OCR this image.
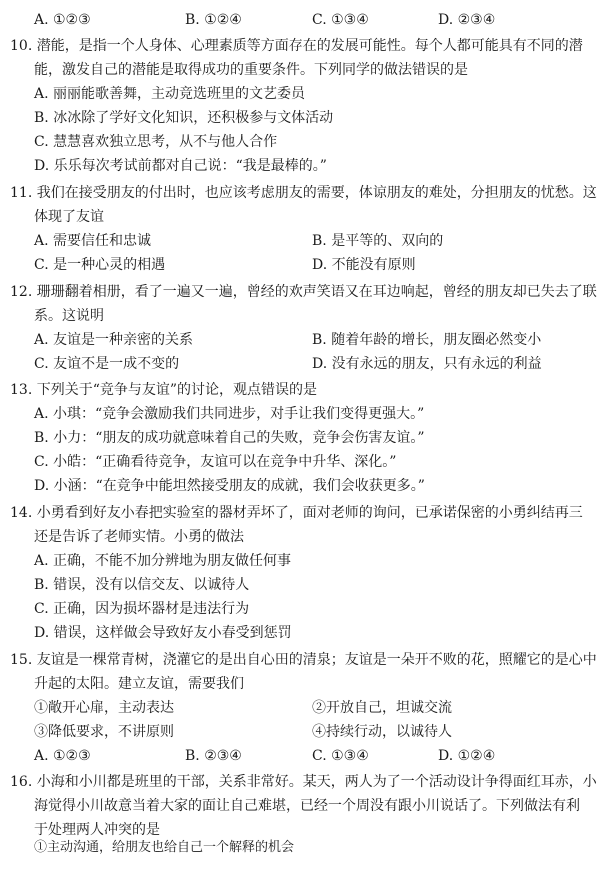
A. ①②③	B. ①②④	C. ①③④	D. ②③④
10. 潜能，是指一个人身体、心理素质等方面存在的发展可能性。每个人都可能具有不同的潜
能，激发自己的潜能是取得成功的重要条件。下列同学的做法错误的是
A. 丽丽能歌善舞，主动竞选班里的文艺委员
B. 冰冰除了学好文化知识，还积极参与文体活动
C. 慧慧喜欢独立思考，从不与他人合作
D. 乐乐每次考试前都对自己说：“我是最棒的。”
11. 我们在接受朋友的付出时，也应该考虑朋友的需要，体谅朋友的难处，分担朋友的忧愁。这
体现了友谊
A. 需要信任和忠诚	B. 是平等的、双向的
C. 是一种心灵的相遇	D. 不能没有原则
12. 珊珊翻着相册，看了一遍又一遍，曾经的欢声笑语又在耳边响起，曾经的朋友却已失去了联
系。这说明
A. 友谊是一种亲密的关系	B. 随着年龄的增长，朋友圈必然变小
C. 友谊不是一成不变的	D. 没有永远的朋友，只有永远的利益
13. 下列关于“竞争与友谊”的讨论，观点错误的是
A. 小琪：“竞争会激励我们共同进步，对手让我们变得更强大。”
B. 小力：“朋友的成功就意味着自己的失败，竞争会伤害友谊。”
C. 小皓：“正确看待竞争，友谊可以在竞争中升华、深化。”
D. 小涵：“在竞争中能坦然接受朋友的成就，我们会收获更多。”
14. 小勇看到好友小春把实验室的器材弄坏了，面对老师的询问，已承诺保密的小勇纠结再三
还是告诉了老师实情。小勇的做法
A. 正确，不能不加分辨地为朋友做任何事
B. 错误，没有以信交友、以诚待人
C. 正确，因为损坏器材是违法行为
D. 错误，这样做会导致好友小春受到惩罚
15. 友谊是一棵常青树，浇灌它的是出自心田的清泉；友谊是一朵开不败的花，照耀它的是心中
升起的太阳。建立友谊，需要我们
①敞开心扉，主动表达	②开放自己，坦诚交流
③降低要求，不讲原则	④持续行动，以诚待人
A. ①②③	B. ②③④	C. ①③④	D. ①②④
16. 小海和小川都是班里的干部，关系非常好。某天，两人为了一个活动设计争得面红耳赤，小
海觉得小川故意当着大家的面让自己难堪，已经一个周没有跟小川说话了。下列做法有利
于处理两人冲突的是
①主动沟通，给朋友也给自己一个解释的机会
